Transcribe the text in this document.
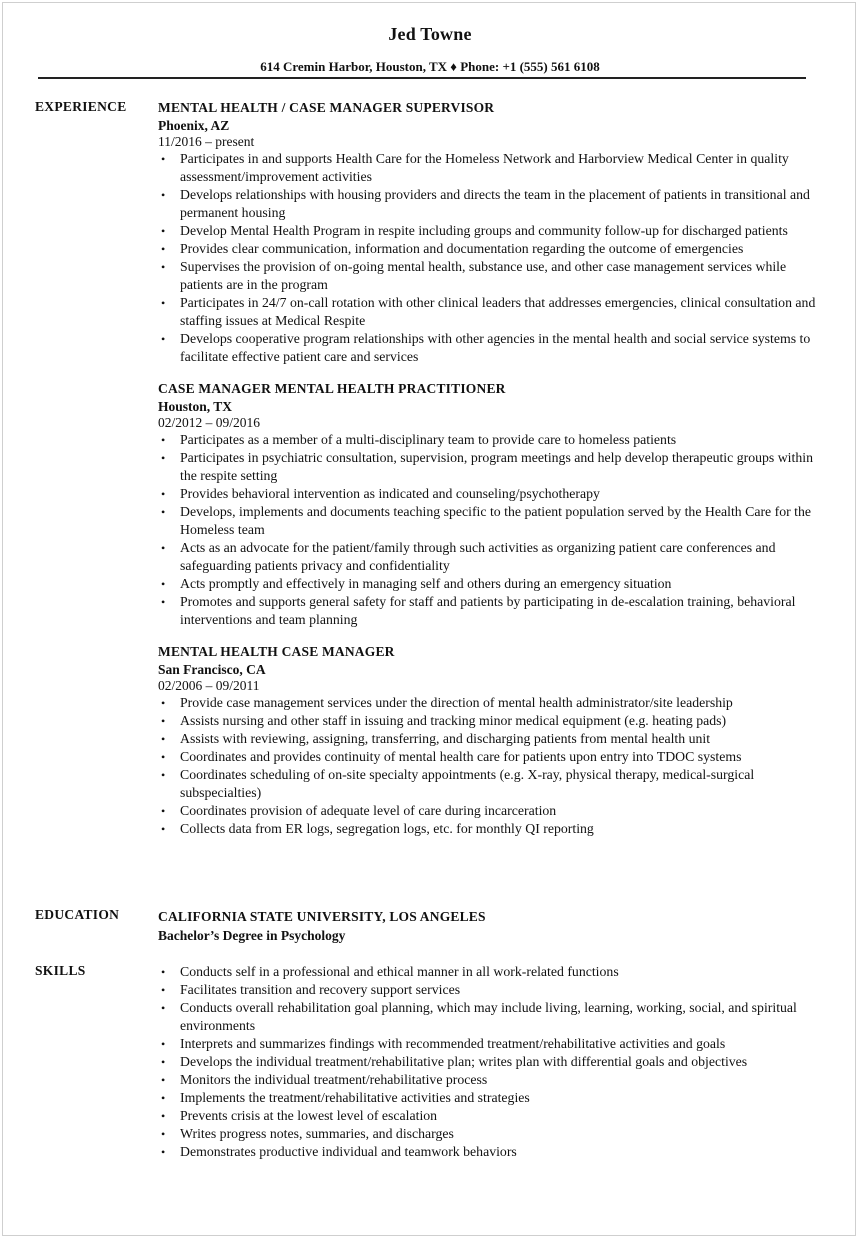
Jed Towne
614 Cremin Harbor, Houston, TX ♦ Phone: +1 (555) 561 6108
EXPERIENCE	MENTAL HEALTH / CASE MANAGER SUPERVISOR
Phoenix, AZ
11/2016 – present
• Participates in and supports Health Care for the Homeless Network and Harborview Medical Center in quality assessment/improvement activities
• Develops relationships with housing providers and directs the team in the placement of patients in transitional and permanent housing
• Develop Mental Health Program in respite including groups and community follow-up for discharged patients
• Provides clear communication, information and documentation regarding the outcome of emergencies
• Supervises the provision of on-going mental health, substance use, and other case management services while patients are in the program
• Participates in 24/7 on-call rotation with other clinical leaders that addresses emergencies, clinical consultation and staffing issues at Medical Respite
• Develops cooperative program relationships with other agencies in the mental health and social service systems to facilitate effective patient care and services
CASE MANAGER MENTAL HEALTH PRACTITIONER
Houston, TX
02/2012 – 09/2016
• Participates as a member of a multi-disciplinary team to provide care to homeless patients
• Participates in psychiatric consultation, supervision, program meetings and help develop therapeutic groups within the respite setting
• Provides behavioral intervention as indicated and counseling/psychotherapy
• Develops, implements and documents teaching specific to the patient population served by the Health Care for the Homeless team
• Acts as an advocate for the patient/family through such activities as organizing patient care conferences and safeguarding patients privacy and confidentiality
• Acts promptly and effectively in managing self and others during an emergency situation
• Promotes and supports general safety for staff and patients by participating in de-escalation training, behavioral interventions and team planning
MENTAL HEALTH CASE MANAGER
San Francisco, CA
02/2006 – 09/2011
• Provide case management services under the direction of mental health administrator/site leadership
• Assists nursing and other staff in issuing and tracking minor medical equipment (e.g. heating pads)
• Assists with reviewing, assigning, transferring, and discharging patients from mental health unit
• Coordinates and provides continuity of mental health care for patients upon entry into TDOC systems
• Coordinates scheduling of on-site specialty appointments (e.g. X-ray, physical therapy, medical-surgical subspecialties)
• Coordinates provision of adequate level of care during incarceration
• Collects data from ER logs, segregation logs, etc. for monthly QI reporting
EDUCATION	CALIFORNIA STATE UNIVERSITY, LOS ANGELES
Bachelor’s Degree in Psychology
SKILLS	• Conducts self in a professional and ethical manner in all work-related functions
• Facilitates transition and recovery support services
• Conducts overall rehabilitation goal planning, which may include living, learning, working, social, and spiritual environments
• Interprets and summarizes findings with recommended treatment/rehabilitative activities and goals
• Develops the individual treatment/rehabilitative plan; writes plan with differential goals and objectives
• Monitors the individual treatment/rehabilitative process
• Implements the treatment/rehabilitative activities and strategies
• Prevents crisis at the lowest level of escalation
• Writes progress notes, summaries, and discharges
• Demonstrates productive individual and teamwork behaviors
